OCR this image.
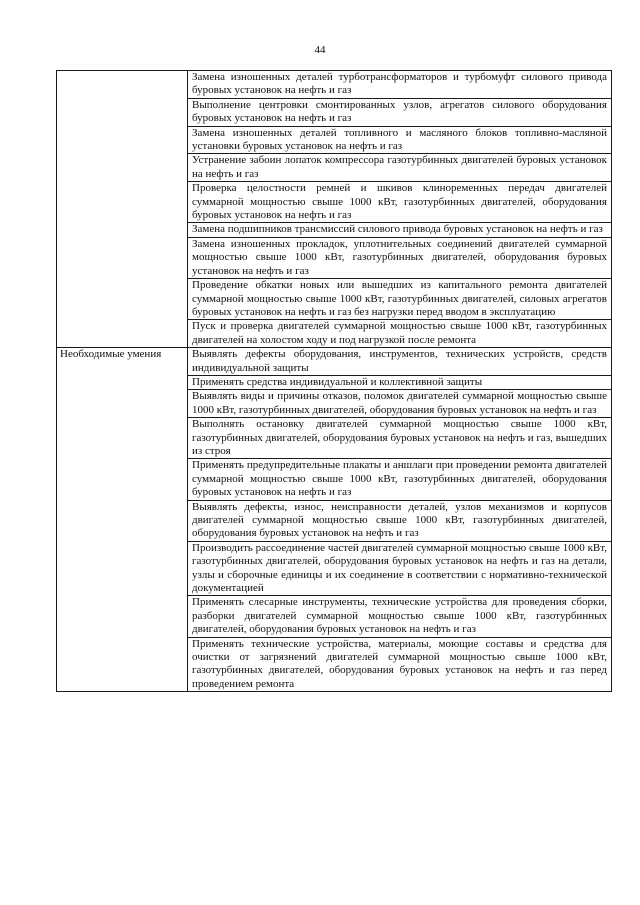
44
	Замена изношенных деталей турботрансформаторов и турбомуфт силового привода буровых установок на нефть и газ
	Выполнение центровки смонтированных узлов, агрегатов силового оборудования буровых установок на нефть и газ
	Замена изношенных деталей топливного и масляного блоков топливно-масляной установки буровых установок на нефть и газ
	Устранение забоин лопаток компрессора газотурбинных двигателей буровых установок на нефть и газ
	Проверка целостности ремней и шкивов клиноременных передач двигателей суммарной мощностью свыше 1000 кВт, газотурбинных двигателей, оборудования буровых установок на нефть и газ
	Замена подшипников трансмиссий силового привода буровых установок на нефть и газ
	Замена изношенных прокладок, уплотнительных соединений двигателей суммарной мощностью свыше 1000 кВт, газотурбинных двигателей, оборудования буровых установок на нефть и газ
	Проведение обкатки новых или вышедших из капитального ремонта двигателей суммарной мощностью свыше 1000 кВт, газотурбинных двигателей, силовых агрегатов буровых установок на нефть и газ без нагрузки перед вводом в эксплуатацию
	Пуск и проверка двигателей суммарной мощностью свыше 1000 кВт, газотурбинных двигателей на холостом ходу и под нагрузкой после ремонта
Необходимые умения	Выявлять дефекты оборудования, инструментов, технических устройств, средств индивидуальной защиты
	Применять средства индивидуальной и коллективной защиты
	Выявлять виды и причины отказов, поломок двигателей суммарной мощностью свыше 1000 кВт, газотурбинных двигателей, оборудования буровых установок на нефть и газ
	Выполнять остановку двигателей суммарной мощностью свыше 1000 кВт, газотурбинных двигателей, оборудования буровых установок на нефть и газ, вышедших из строя
	Применять предупредительные плакаты и аншлаги при проведении ремонта двигателей суммарной мощностью свыше 1000 кВт, газотурбинных двигателей, оборудования буровых установок на нефть и газ
	Выявлять дефекты, износ, неисправности деталей, узлов механизмов и корпусов двигателей суммарной мощностью свыше 1000 кВт, газотурбинных двигателей, оборудования буровых установок на нефть и газ
	Производить рассоединение частей двигателей суммарной мощностью свыше 1000 кВт, газотурбинных двигателей, оборудования буровых установок на нефть и газ на детали, узлы и сборочные единицы и их соединение в соответствии с нормативно-технической документацией
	Применять слесарные инструменты, технические устройства для проведения сборки, разборки двигателей суммарной мощностью свыше 1000 кВт, газотурбинных двигателей, оборудования буровых установок на нефть и газ
	Применять технические устройства, материалы, моющие составы и средства для очистки от загрязнений двигателей суммарной мощностью свыше 1000 кВт, газотурбинных двигателей, оборудования буровых установок на нефть и газ перед проведением ремонта
